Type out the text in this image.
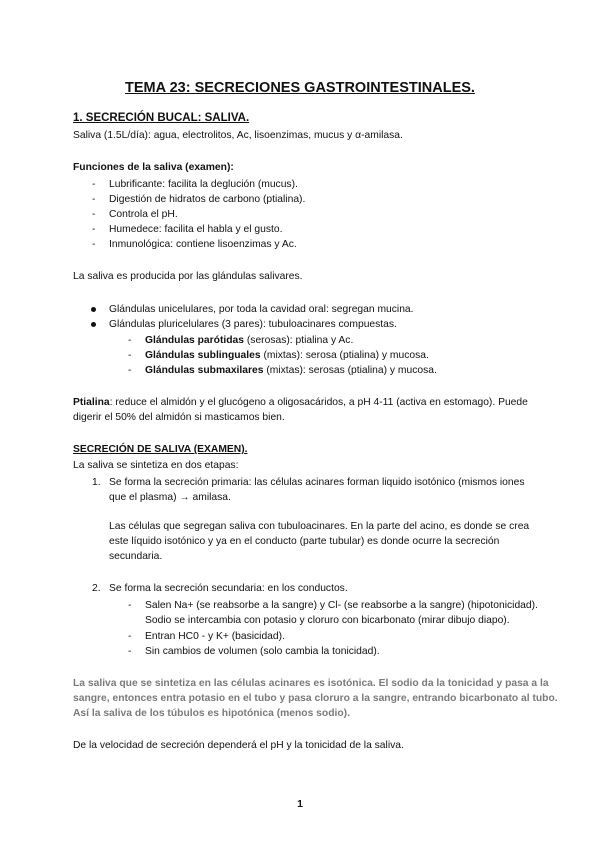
TEMA 23: SECRECIONES GASTROINTESTINALES.
1. SECRECIÓN BUCAL: SALIVA.
Saliva (1.5L/día): agua, electrolitos, Ac, lisoenzimas, mucus y α-amilasa.
Funciones de la saliva (examen):
- Lubrificante: facilita la deglución (mucus).
- Digestión de hidratos de carbono (ptialina).
- Controla el pH.
- Humedece: facilita el habla y el gusto.
- Inmunológica: contiene lisoenzimas y Ac.
La saliva es producida por las glándulas salivares.
Glándulas unicelulares, por toda la cavidad oral: segregan mucina.
Glándulas pluricelulares (3 pares): tubuloacinares compuestas.
- Glándulas parótidas (serosas): ptialina y Ac.
- Glándulas sublinguales (mixtas): serosa (ptialina) y mucosa.
- Glándulas submaxilares (mixtas): serosas (ptialina) y mucosa.
Ptialina: reduce el almidón y el glucógeno a oligosacáridos, a pH 4-11 (activa en estomago). Puede
digerir el 50% del almidón si masticamos bien.
SECRECIÓN DE SALIVA (EXAMEN).
La saliva se sintetiza en dos etapas:
1. Se forma la secreción primaria: las células acinares forman liquido isotónico (mismos iones
que el plasma) → amilasa.
Las células que segregan saliva con tubuloacinares. En la parte del acino, es donde se crea
este líquido isotónico y ya en el conducto (parte tubular) es donde ocurre la secreción
secundaria.
2. Se forma la secreción secundaria: en los conductos.
- Salen Na+ (se reabsorbe a la sangre) y Cl- (se reabsorbe a la sangre) (hipotonicidad).
Sodio se intercambia con potasio y cloruro con bicarbonato (mirar dibujo diapo).
- Entran HC0 - y K+ (basicidad).
- Sin cambios de volumen (solo cambia la tonicidad).
La saliva que se sintetiza en las células acinares es isotónica. El sodio da la tonicidad y pasa a la
sangre, entonces entra potasio en el tubo y pasa cloruro a la sangre, entrando bicarbonato al tubo.
Así la saliva de los túbulos es hipotónica (menos sodio).
De la velocidad de secreción dependerá el pH y la tonicidad de la saliva.
1
